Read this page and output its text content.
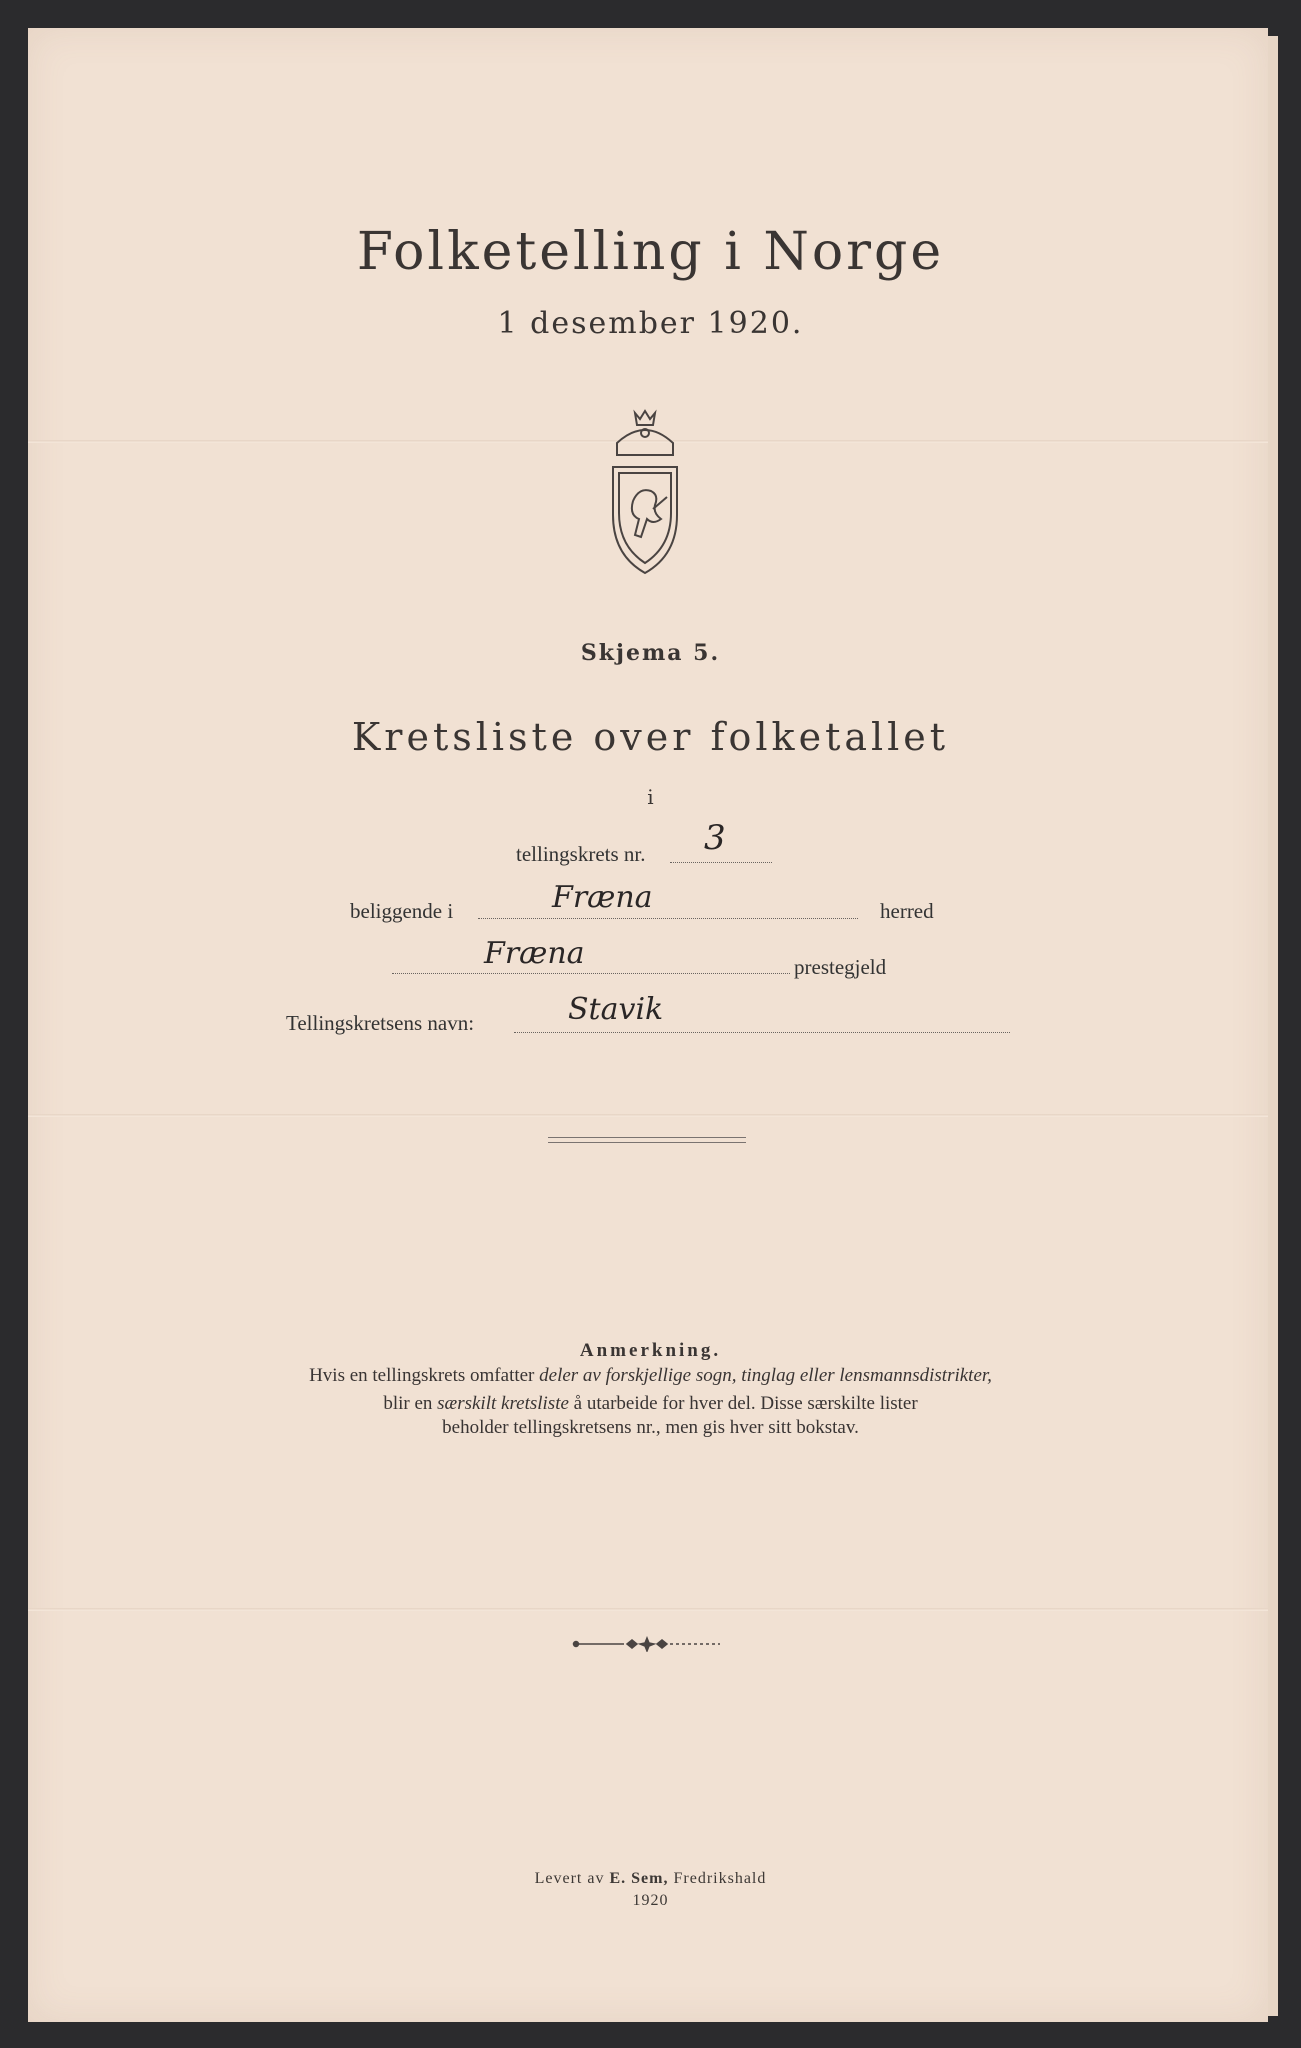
Folketelling i Norge
1 desember 1920.
Skjema 5.
Kretsliste over folketallet
i
tellingskrets nr. 3
beliggende i	Fræna	herred
Fræna	prestegjeld
Tellingskretsens navn:	Stavik
Anmerkning.
Hvis en tellingskrets omfatter deler av forskjellige sogn, tinglag eller lensmannsdistrikter,
blir en særskilt kretsliste å utarbeide for hver del. Disse særskilte lister
beholder tellingskretsens nr., men gis hver sitt bokstav.
Levert av E. Sem, Fredrikshald
1920
